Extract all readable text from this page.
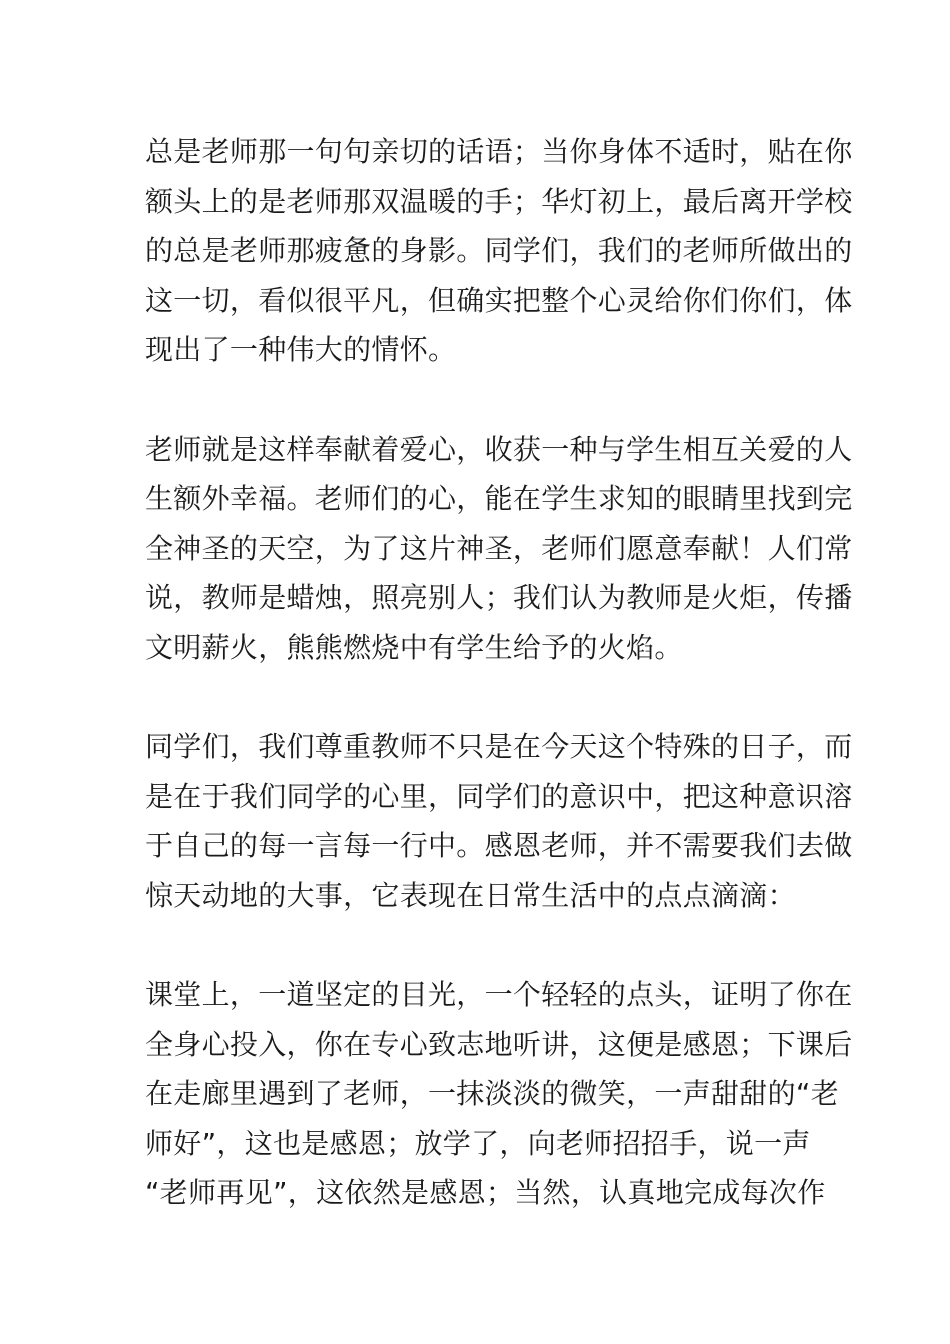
总是老师那一句句亲切的话语；当你身体不适时，贴在你
额头上的是老师那双温暖的手；华灯初上，最后离开学校
的总是老师那疲惫的身影。同学们，我们的老师所做出的
这一切，看似很平凡，但确实把整个心灵给你们你们，体
现出了一种伟大的情怀。
老师就是这样奉献着爱心，收获一种与学生相互关爱的人
生额外幸福。老师们的心，能在学生求知的眼睛里找到完
全神圣的天空，为了这片神圣，老师们愿意奉献！人们常
说，教师是蜡烛，照亮别人；我们认为教师是火炬，传播
文明薪火，熊熊燃烧中有学生给予的火焰。
同学们，我们尊重教师不只是在今天这个特殊的日子，而
是在于我们同学的心里，同学们的意识中，把这种意识溶
于自己的每一言每一行中。感恩老师，并不需要我们去做
惊天动地的大事，它表现在日常生活中的点点滴滴：
课堂上，一道坚定的目光，一个轻轻的点头，证明了你在
全身心投入，你在专心致志地听讲，这便是感恩；下课后
在走廊里遇到了老师，一抹淡淡的微笑，一声甜甜的“老
师好”，这也是感恩；放学了，向老师招招手，说一声
“老师再见”，这依然是感恩；当然，认真地完成每次作
